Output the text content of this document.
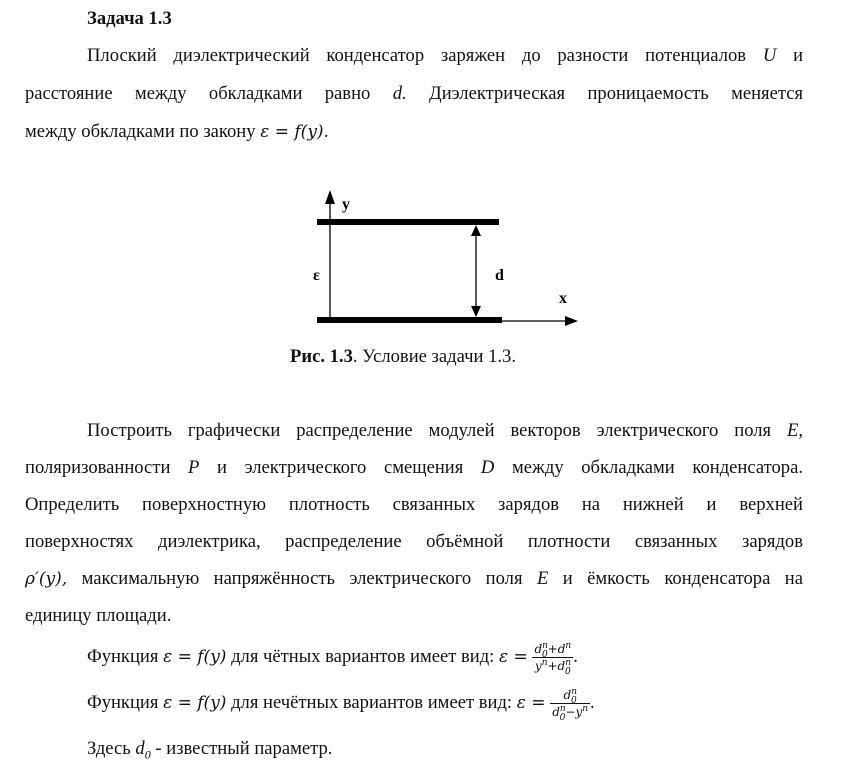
Задача 1.3
Плоский диэлектрический конденсатор заряжен до разности потенциалов U и
расстояние между обкладками равно d. Диэлектрическая проницаемость меняется
между обкладками по закону ε = f(y).
y
x
d
ε
Рис. 1.3. Условие задачи 1.3.
Построить графически распределение модулей векторов электрического поля E,
поляризованности P и электрического смещения D между обкладками конденсатора.
Определить поверхностную плотность связанных зарядов на нижней и верхней
поверхностях диэлектрика, распределение объёмной плотности связанных зарядов
ρ′(y), максимальную напряжённость электрического поля E и ёмкость конденсатора на
единицу площади.
Функция ε = f(y) для чётных вариантов имеет вид: $\varepsilon = \frac{d^n_0+d^n}{y^n+d^n_0}$ .
Функция ε = f(y) для нечётных вариантов имеет вид: $\varepsilon = \frac{d^n_0}{d^n_0-y^n}$ .
Здесь $d_0$ - известный параметр.
